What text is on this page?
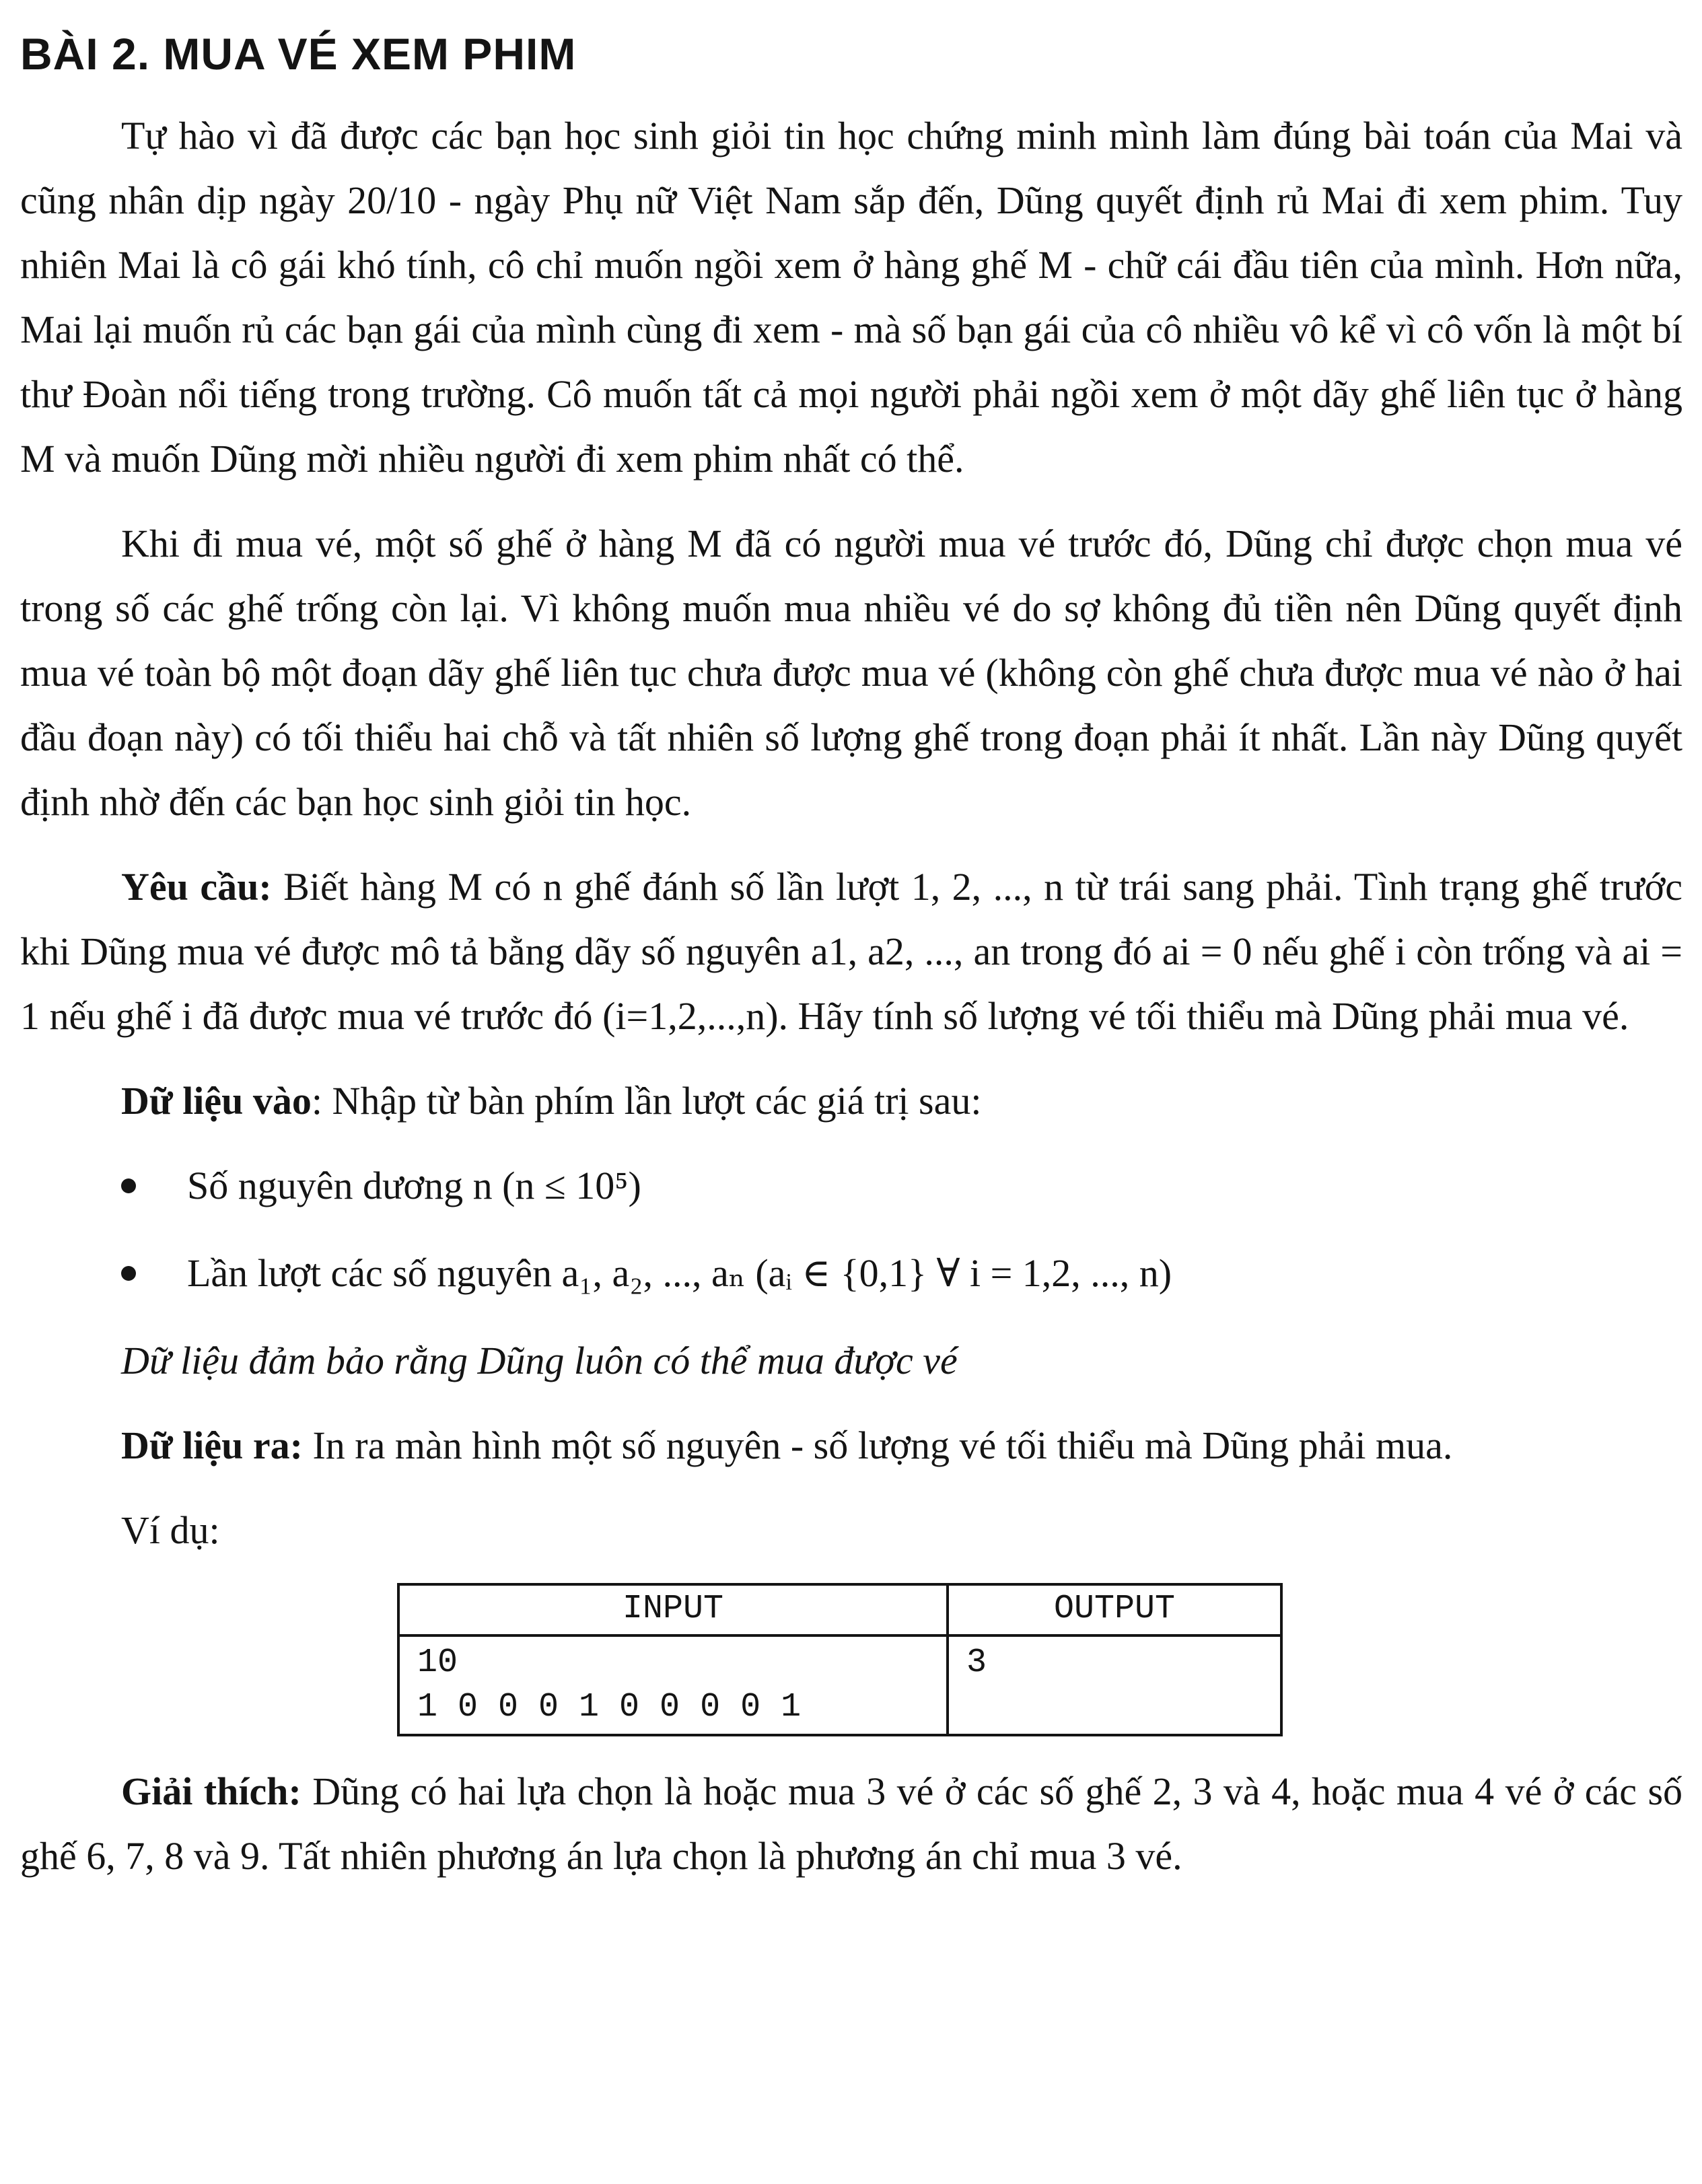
BÀI 2. MUA VÉ XEM PHIM

Tự hào vì đã được các bạn học sinh giỏi tin học chứng minh mình làm đúng bài toán của Mai và cũng nhân dịp ngày 20/10 - ngày Phụ nữ Việt Nam sắp đến, Dũng quyết định rủ Mai đi xem phim. Tuy nhiên Mai là cô gái khó tính, cô chỉ muốn ngồi xem ở hàng ghế M - chữ cái đầu tiên của mình. Hơn nữa, Mai lại muốn rủ các bạn gái của mình cùng đi xem - mà số bạn gái của cô nhiều vô kể vì cô vốn là một bí thư Đoàn nổi tiếng trong trường. Cô muốn tất cả mọi người phải ngồi xem ở một dãy ghế liên tục ở hàng M và muốn Dũng mời nhiều người đi xem phim nhất có thể.

Khi đi mua vé, một số ghế ở hàng M đã có người mua vé trước đó, Dũng chỉ được chọn mua vé trong số các ghế trống còn lại. Vì không muốn mua nhiều vé do sợ không đủ tiền nên Dũng quyết định mua vé toàn bộ một đoạn dãy ghế liên tục chưa được mua vé (không còn ghế chưa được mua vé nào ở hai đầu đoạn này) có tối thiểu hai chỗ và tất nhiên số lượng ghế trong đoạn phải ít nhất. Lần này Dũng quyết định nhờ đến các bạn học sinh giỏi tin học.

Yêu cầu: Biết hàng M có n ghế đánh số lần lượt 1, 2, ..., n từ trái sang phải. Tình trạng ghế trước khi Dũng mua vé được mô tả bằng dãy số nguyên a1, a2, ..., an trong đó ai = 0 nếu ghế i còn trống và ai = 1 nếu ghế i đã được mua vé trước đó (i=1,2,...,n). Hãy tính số lượng vé tối thiểu mà Dũng phải mua vé.

Dữ liệu vào: Nhập từ bàn phím lần lượt các giá trị sau:
Số nguyên dương n (n ≤ 10⁵)
Lần lượt các số nguyên a₁, a₂, ..., aₙ (aᵢ ∈ {0,1} ∀ i = 1,2, ..., n)
Dữ liệu đảm bảo rằng Dũng luôn có thể mua được vé

Dữ liệu ra: In ra màn hình một số nguyên - số lượng vé tối thiểu mà Dũng phải mua.

Ví dụ:
INPUT	OUTPUT

10
1 0 0 0 1 0 0 0 0 1	3

Giải thích: Dũng có hai lựa chọn là hoặc mua 3 vé ở các số ghế 2, 3 và 4, hoặc mua 4 vé ở các số ghế 6, 7, 8 và 9. Tất nhiên phương án lựa chọn là phương án chỉ mua 3 vé.
